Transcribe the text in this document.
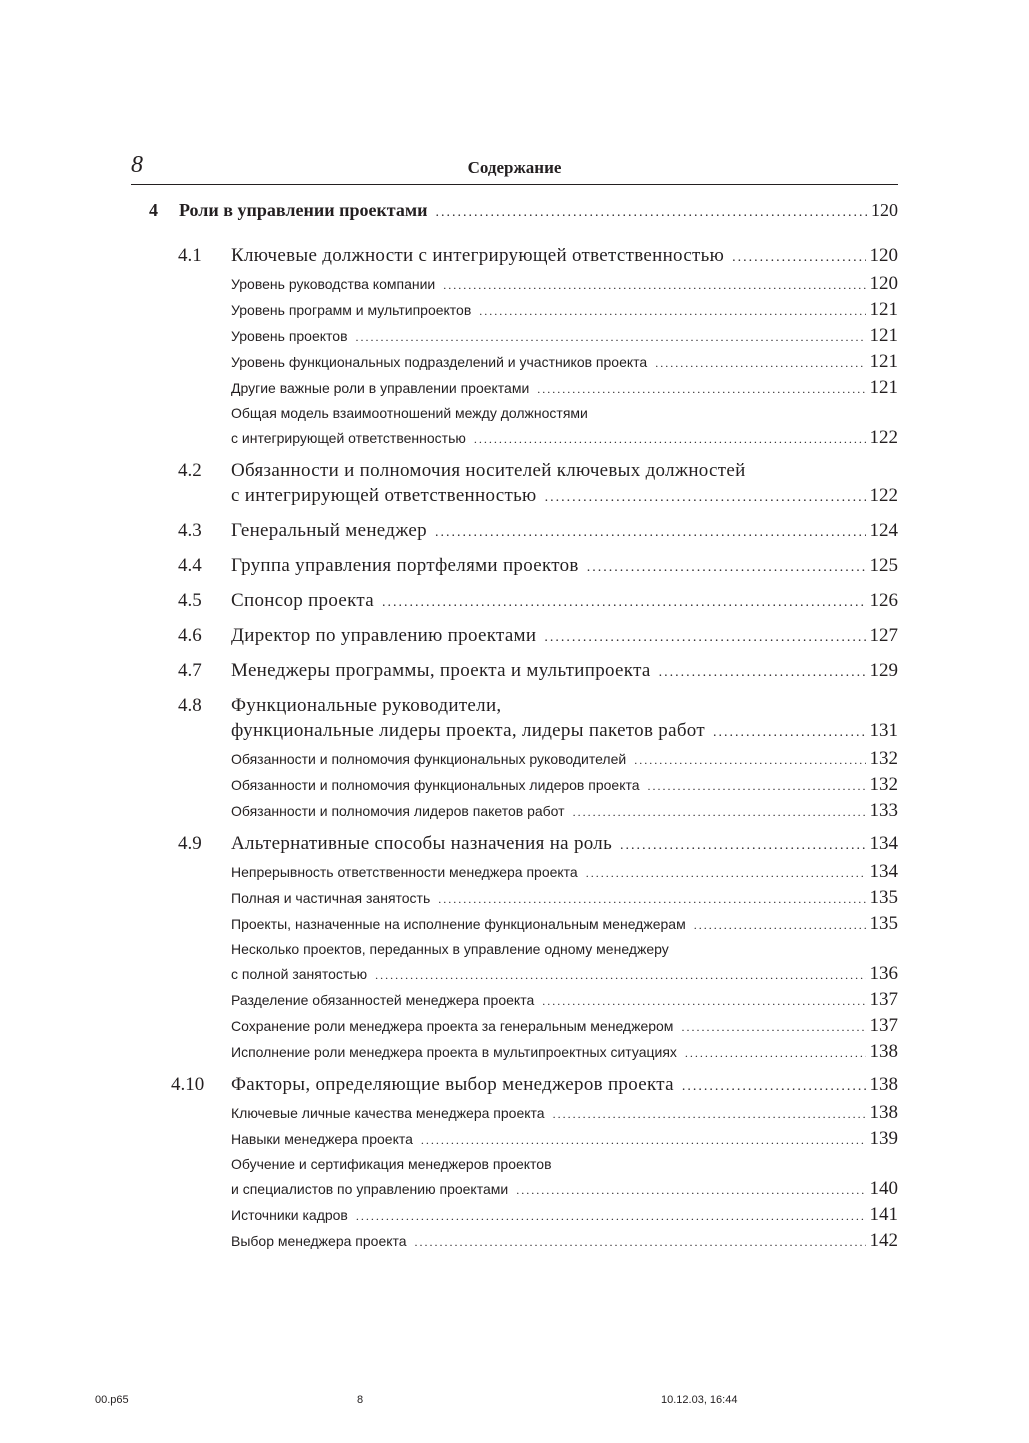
8	Содержание
4 Роли в управлении проектами .....	120
4.1 Ключевые должности с интегрирующей ответственностью .....	120
Уровень руководства компании .....	120
Уровень программ и мультипроектов .....	121
Уровень проектов .....	121
Уровень функциональных подразделений и участников проекта .....	121
Другие важные роли в управлении проектами .....	121
Общая модель взаимоотношений между должностями
с интегрирующей ответственностью .....	122
4.2 Обязанности и полномочия носителей ключевых должностей
с интегрирующей ответственностью .....	122
4.3 Генеральный менеджер .....	124
4.4 Группа управления портфелями проектов .....	125
4.5 Спонсор проекта .....	126
4.6 Директор по управлению проектами .....	127
4.7 Менеджеры программы, проекта и мультипроекта .....	129
4.8 Функциональные руководители,
функциональные лидеры проекта, лидеры пакетов работ .....	131
Обязанности и полномочия функциональных руководителей .....	132
Обязанности и полномочия функциональных лидеров проекта .....	132
Обязанности и полномочия лидеров пакетов работ .....	133
4.9 Альтернативные способы назначения на роль .....	134
Непрерывность ответственности менеджера проекта .....	134
Полная и частичная занятость .....	135
Проекты, назначенные на исполнение функциональным менеджерам .....	135
Несколько проектов, переданных в управление одному менеджеру
с полной занятостью .....	136
Разделение обязанностей менеджера проекта .....	137
Сохранение роли менеджера проекта за генеральным менеджером .....	137
Исполнение роли менеджера проекта в мультипроектных ситуациях .....	138
4.10 Факторы, определяющие выбор менеджеров проекта .....	138
Ключевые личные качества менеджера проекта .....	138
Навыки менеджера проекта .....	139
Обучение и сертификация менеджеров проектов
и специалистов по управлению проектами .....	140
Источники кадров .....	141
Выбор менеджера проекта .....	142
00.p65	8	10.12.03, 16:44
